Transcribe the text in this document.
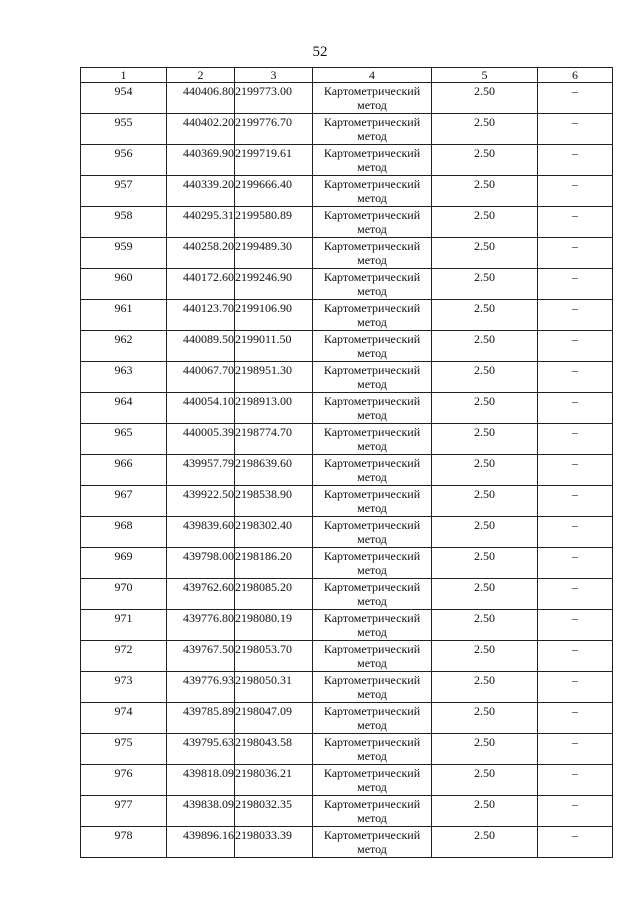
52
1	2	3	4	5	6
954	440406.80	2199773.00	Картометрический метод	2.50	–
955	440402.20	2199776.70	Картометрический метод	2.50	–
956	440369.90	2199719.61	Картометрический метод	2.50	–
957	440339.20	2199666.40	Картометрический метод	2.50	–
958	440295.31	2199580.89	Картометрический метод	2.50	–
959	440258.20	2199489.30	Картометрический метод	2.50	–
960	440172.60	2199246.90	Картометрический метод	2.50	–
961	440123.70	2199106.90	Картометрический метод	2.50	–
962	440089.50	2199011.50	Картометрический метод	2.50	–
963	440067.70	2198951.30	Картометрический метод	2.50	–
964	440054.10	2198913.00	Картометрический метод	2.50	–
965	440005.39	2198774.70	Картометрический метод	2.50	–
966	439957.79	2198639.60	Картометрический метод	2.50	–
967	439922.50	2198538.90	Картометрический метод	2.50	–
968	439839.60	2198302.40	Картометрический метод	2.50	–
969	439798.00	2198186.20	Картометрический метод	2.50	–
970	439762.60	2198085.20	Картометрический метод	2.50	–
971	439776.80	2198080.19	Картометрический метод	2.50	–
972	439767.50	2198053.70	Картометрический метод	2.50	–
973	439776.93	2198050.31	Картометрический метод	2.50	–
974	439785.89	2198047.09	Картометрический метод	2.50	–
975	439795.63	2198043.58	Картометрический метод	2.50	–
976	439818.09	2198036.21	Картометрический метод	2.50	–
977	439838.09	2198032.35	Картометрический метод	2.50	–
978	439896.16	2198033.39	Картометрический метод	2.50	–
